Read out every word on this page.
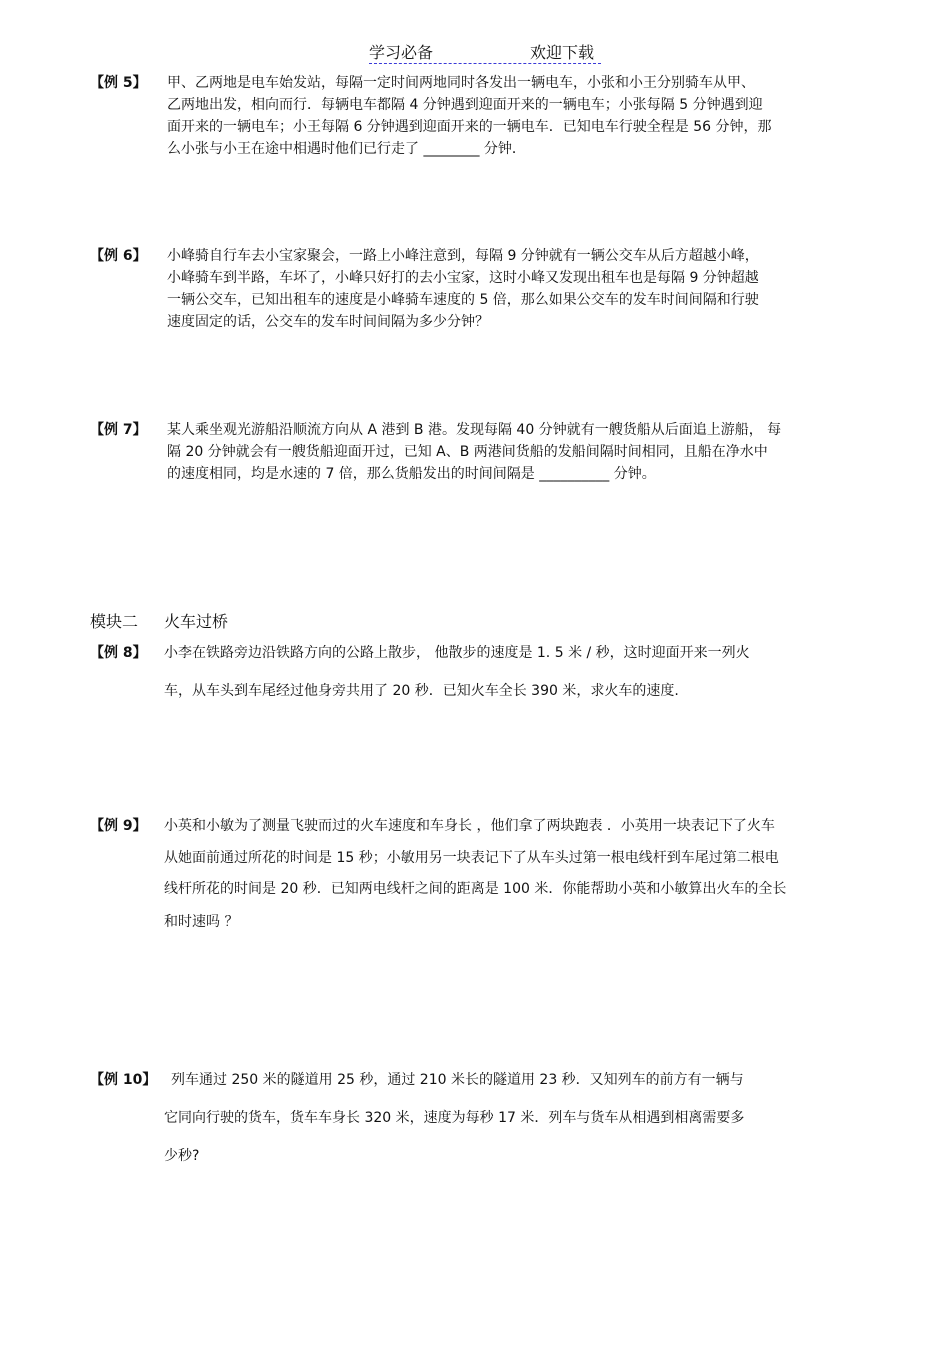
学习必备	欢迎下载
【例 5】 甲、乙两地是电车始发站，每隔一定时间两地同时各发出一辆电车，小张和小王分别骑车从甲、
乙两地出发，相向而行．每辆电车都隔 4 分钟遇到迎面开来的一辆电车；小张每隔 5 分钟遇到迎
面开来的一辆电车；小王每隔 6 分钟遇到迎面开来的一辆电车．已知电车行驶全程是 56 分钟，那
么小张与小王在途中相遇时他们已行走了 ________ 分钟．
【例 6】 小峰骑自行车去小宝家聚会，一路上小峰注意到，每隔 9 分钟就有一辆公交车从后方超越小峰，
小峰骑车到半路，车坏了，小峰只好打的去小宝家，这时小峰又发现出租车也是每隔 9 分钟超越
一辆公交车，已知出租车的速度是小峰骑车速度的 5 倍，那么如果公交车的发车时间间隔和行驶
速度固定的话，公交车的发车时间间隔为多少分钟？
【例 7】 某人乘坐观光游船沿顺流方向从 A 港到 B 港。发现每隔 40 分钟就有一艘货船从后面追上游船， 每
隔 20 分钟就会有一艘货船迎面开过，已知 A、B 两港间货船的发船间隔时间相同，且船在净水中
的速度相同，均是水速的 7 倍，那么货船发出的时间间隔是 __________ 分钟。
模块二 火车过桥
【例 8】 小李在铁路旁边沿铁路方向的公路上散步， 他散步的速度是 1. 5 米 / 秒，这时迎面开来一列火
车，从车头到车尾经过他身旁共用了 20 秒．已知火车全长 390 米，求火车的速度.
【例 9】 小英和小敏为了测量飞驶而过的火车速度和车身长 ，他们拿了两块跑表 ．小英用一块表记下了火车
从她面前通过所花的时间是 15 秒；小敏用另一块表记下了从车头过第一根电线杆到车尾过第二根电
线杆所花的时间是 20 秒．已知两电线杆之间的距离是 100 米．你能帮助小英和小敏算出火车的全长
和时速吗 ？
【例 10】 列车通过 250 米的隧道用 25 秒，通过 210 米长的隧道用 23 秒．又知列车的前方有一辆与
它同向行驶的货车，货车车身长 320 米，速度为每秒 17 米．列车与货车从相遇到相离需要多
少秒?
